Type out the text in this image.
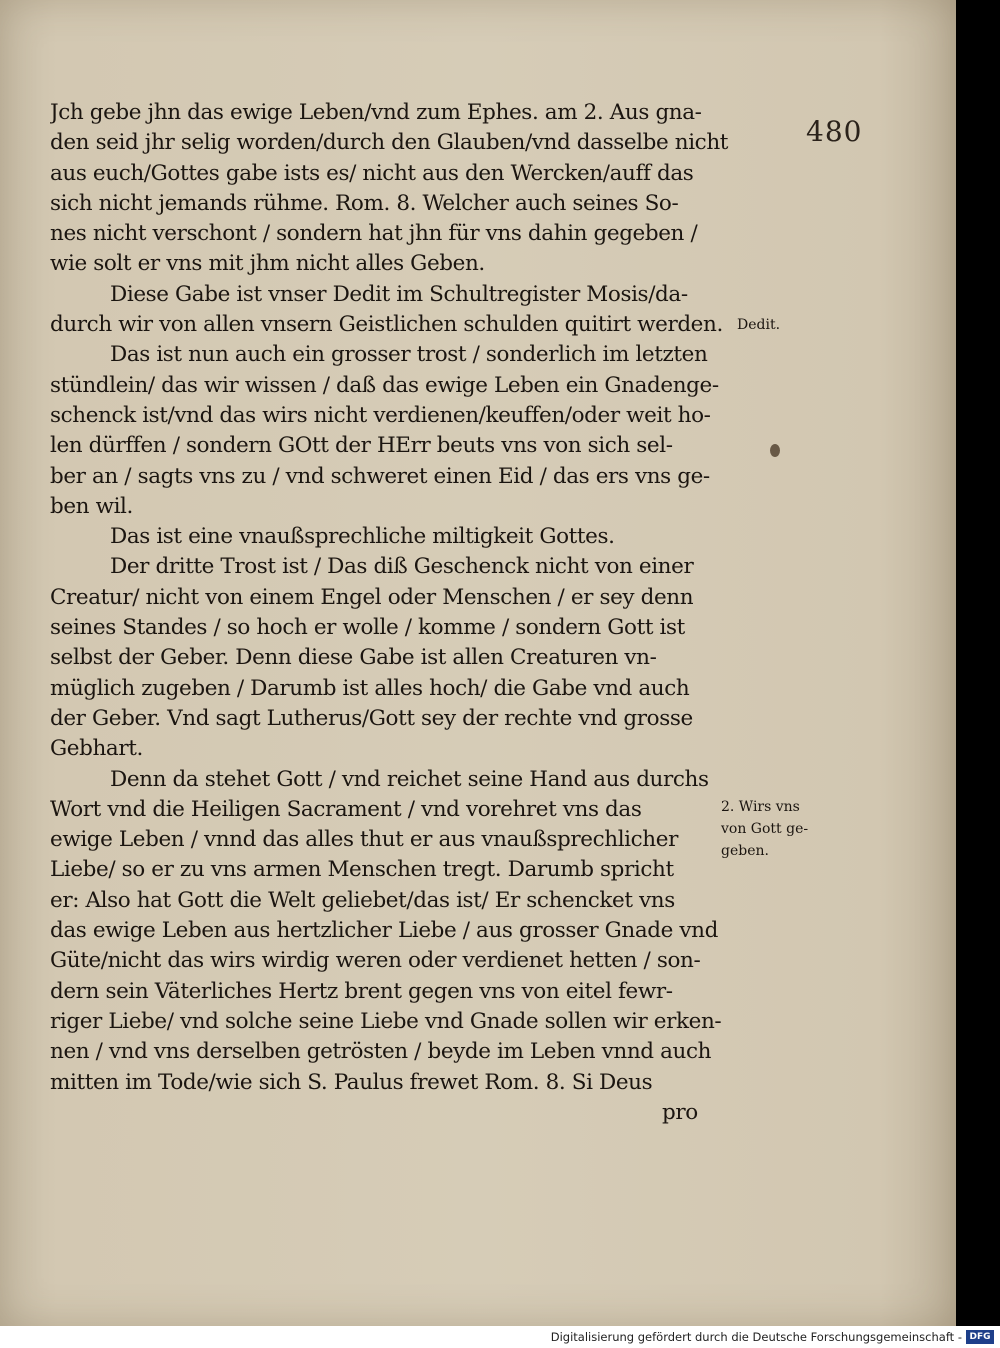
480
Jch gebe jhn das ewige Leben/vnd zum Ephes. am 2. Aus gna-
den seid jhr selig worden/durch den Glauben/vnd dasselbe nicht
aus euch/Gottes gabe ists es/ nicht aus den Wercken/auff das
sich nicht jemands rühme. Rom. 8. Welcher auch seines So-
nes nicht verschont / sondern hat jhn für vns dahin gegeben /
wie solt er vns mit jhm nicht alles Geben.
Diese Gabe ist vnser Dedit im Schultregister Mosis/da-
durch wir von allen vnsern Geistlichen schulden quitirt werden.
Das ist nun auch ein grosser trost / sonderlich im letzten
stündlein/ das wir wissen / daß das ewige Leben ein Gnadenge-
schenck ist/vnd das wirs nicht verdienen/keuffen/oder weit ho-
len dürffen / sondern GOtt der HErr beuts vns von sich sel-
ber an / sagts vns zu / vnd schweret einen Eid / das ers vns ge-
ben wil.
Das ist eine vnaußsprechliche miltigkeit Gottes.
Der dritte Trost ist / Das diß Geschenck nicht von einer
Creatur/ nicht von einem Engel oder Menschen / er sey denn
seines Standes / so hoch er wolle / komme / sondern Gott ist
selbst der Geber. Denn diese Gabe ist allen Creaturen vn-
müglich zugeben / Darumb ist alles hoch/ die Gabe vnd auch
der Geber. Vnd sagt Lutherus/Gott sey der rechte vnd grosse
Gebhart.
Denn da stehet Gott / vnd reichet seine Hand aus durchs
Wort vnd die Heiligen Sacrament / vnd vorehret vns das
ewige Leben / vnnd das alles thut er aus vnaußsprechlicher
Liebe/ so er zu vns armen Menschen tregt. Darumb spricht
er: Also hat Gott die Welt geliebet/das ist/ Er schencket vns
das ewige Leben aus hertzlicher Liebe / aus grosser Gnade vnd
Güte/nicht das wirs wirdig weren oder verdienet hetten / son-
dern sein Väterliches Hertz brent gegen vns von eitel fewr-
riger Liebe/ vnd solche seine Liebe vnd Gnade sollen wir erken-
nen / vnd vns derselben getrösten / beyde im Leben vnnd auch
mitten im Tode/wie sich S. Paulus frewet Rom. 8. Si Deus
pro
Dedit.
2. Wirs vns
von Gott ge-
geben.
Digitalisierung gefördert durch die Deutsche Forschungsgemeinschaft - DFG
